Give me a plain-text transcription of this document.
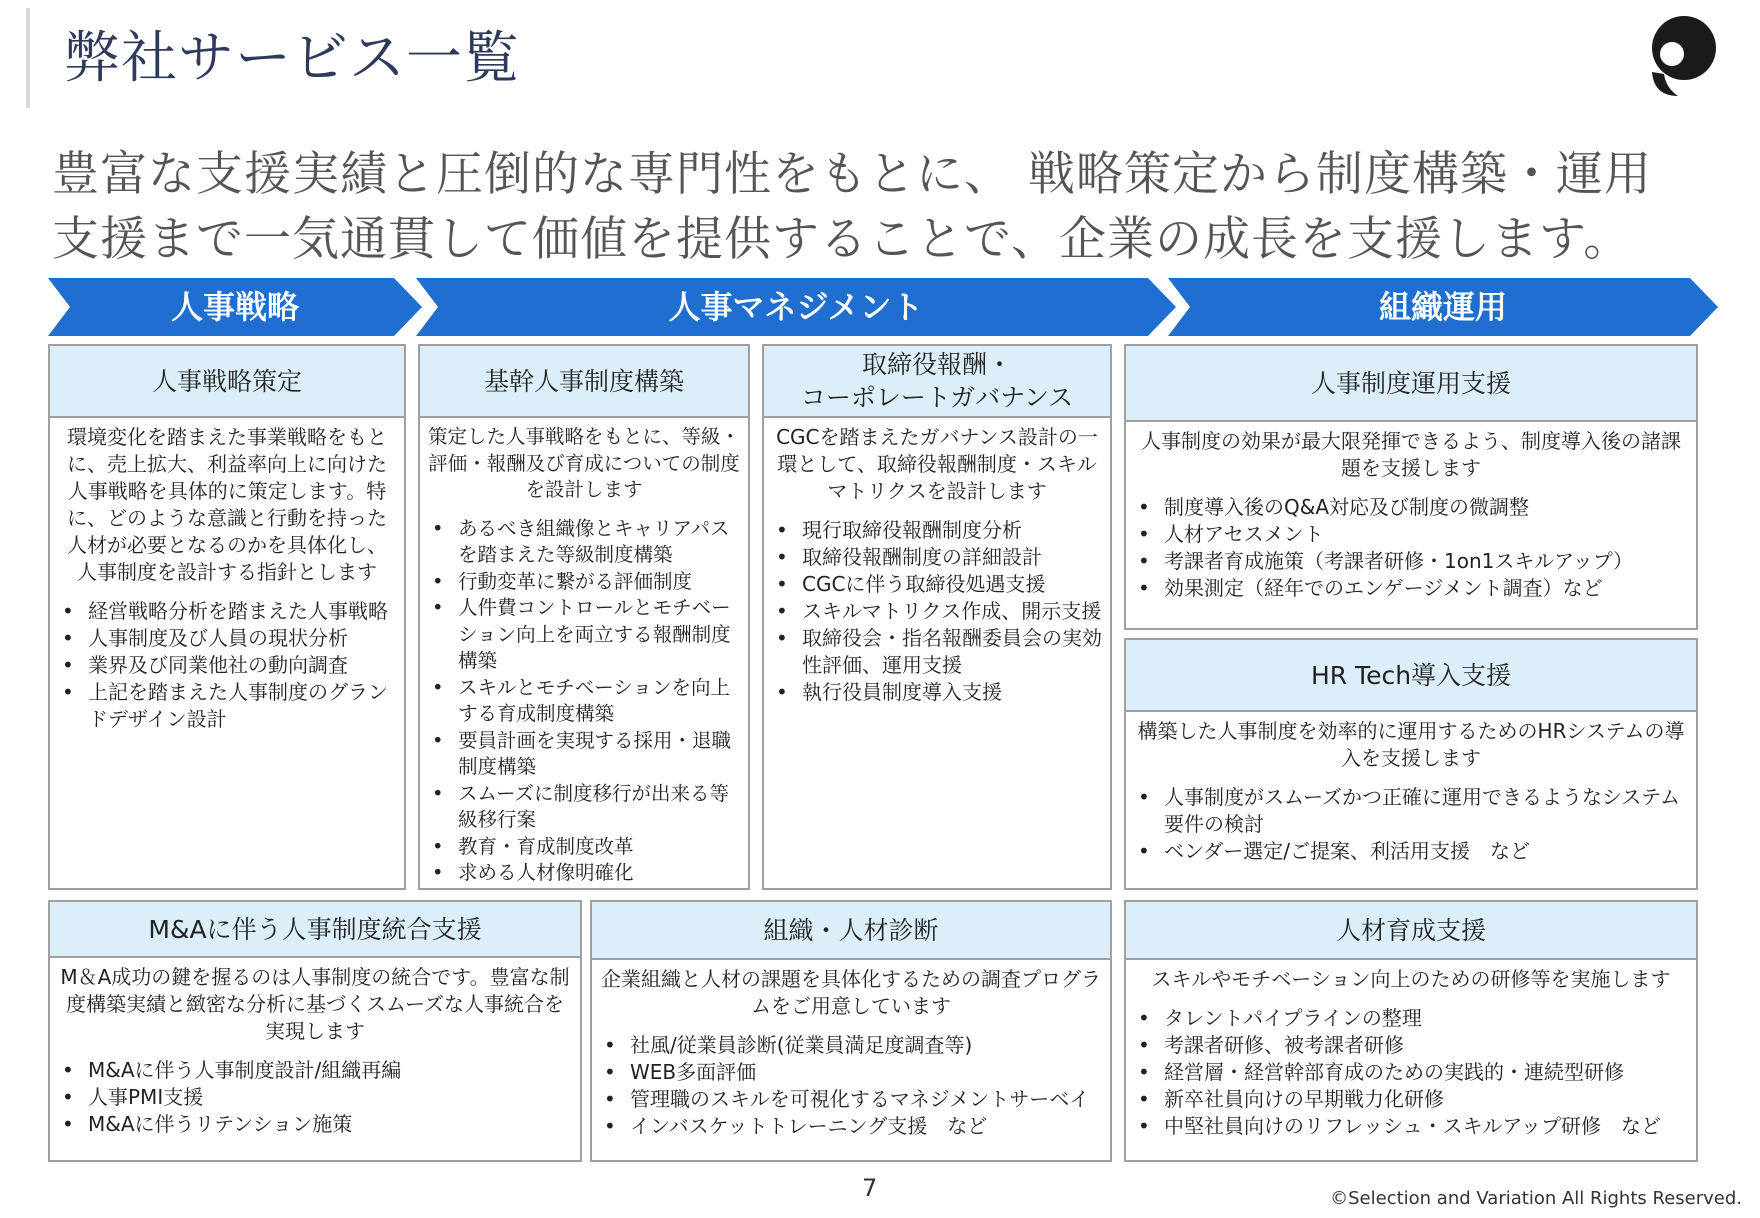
弊社サービス一覧
豊富な支援実績と圧倒的な専門性をもとに、 戦略策定から制度構築・運用
支援まで一気通貫して価値を提供することで、企業の成長を支援します。
人事戦略	人事マネジメント	組織運用
人事戦略策定
環境変化を踏まえた事業戦略をもとに、売上拡大、利益率向上に向けた人事戦略を具体的に策定します。特に、どのような意識と行動を持った人材が必要となるのかを具体化し、人事制度を設計する指針とします
• 経営戦略分析を踏まえた人事戦略
• 人事制度及び人員の現状分析
• 業界及び同業他社の動向調査
• 上記を踏まえた人事制度のグランドデザイン設計
基幹人事制度構築
策定した人事戦略をもとに、等級・評価・報酬及び育成についての制度を設計します
• あるべき組織像とキャリアパスを踏まえた等級制度構築
• 行動変革に繋がる評価制度
• 人件費コントロールとモチベーション向上を両立する報酬制度構築
• スキルとモチベーションを向上する育成制度構築
• 要員計画を実現する採用・退職制度構築
• スムーズに制度移行が出来る等級移行案
• 教育・育成制度改革
• 求める人材像明確化
取締役報酬・
コーポレートガバナンス
CGCを踏まえたガバナンス設計の一環として、取締役報酬制度・スキルマトリクスを設計します
• 現行取締役報酬制度分析
• 取締役報酬制度の詳細設計
• CGCに伴う取締役処遇支援
• スキルマトリクス作成、開示支援
• 取締役会・指名報酬委員会の実効性評価、運用支援
• 執行役員制度導入支援
人事制度運用支援
人事制度の効果が最大限発揮できるよう、制度導入後の諸課題を支援します
• 制度導入後のQ&A対応及び制度の微調整
• 人材アセスメント
• 考課者育成施策（考課者研修・1on1スキルアップ）
• 効果測定（経年でのエンゲージメント調査）など
HR Tech導入支援
構築した人事制度を効率的に運用するためのHRシステムの導入を支援します
• 人事制度がスムーズかつ正確に運用できるようなシステム要件の検討
• ベンダー選定/ご提案、利活用支援　など
M&Aに伴う人事制度統合支援
M＆A成功の鍵を握るのは人事制度の統合です。豊富な制度構築実績と緻密な分析に基づくスムーズな人事統合を実現します
• M&Aに伴う人事制度設計/組織再編
• 人事PMI支援
• M&Aに伴うリテンション施策
組織・人材診断
企業組織と人材の課題を具体化するための調査プログラムをご用意しています
• 社風/従業員診断(従業員満足度調査等)
• WEB多面評価
• 管理職のスキルを可視化するマネジメントサーベイ
• インバスケットトレーニング支援　など
人材育成支援
スキルやモチベーション向上のための研修等を実施します
• タレントパイプラインの整理
• 考課者研修、被考課者研修
• 経営層・経営幹部育成のための実践的・連続型研修
• 新卒社員向けの早期戦力化研修
• 中堅社員向けのリフレッシュ・スキルアップ研修　など
7	©Selection and Variation All Rights Reserved.
